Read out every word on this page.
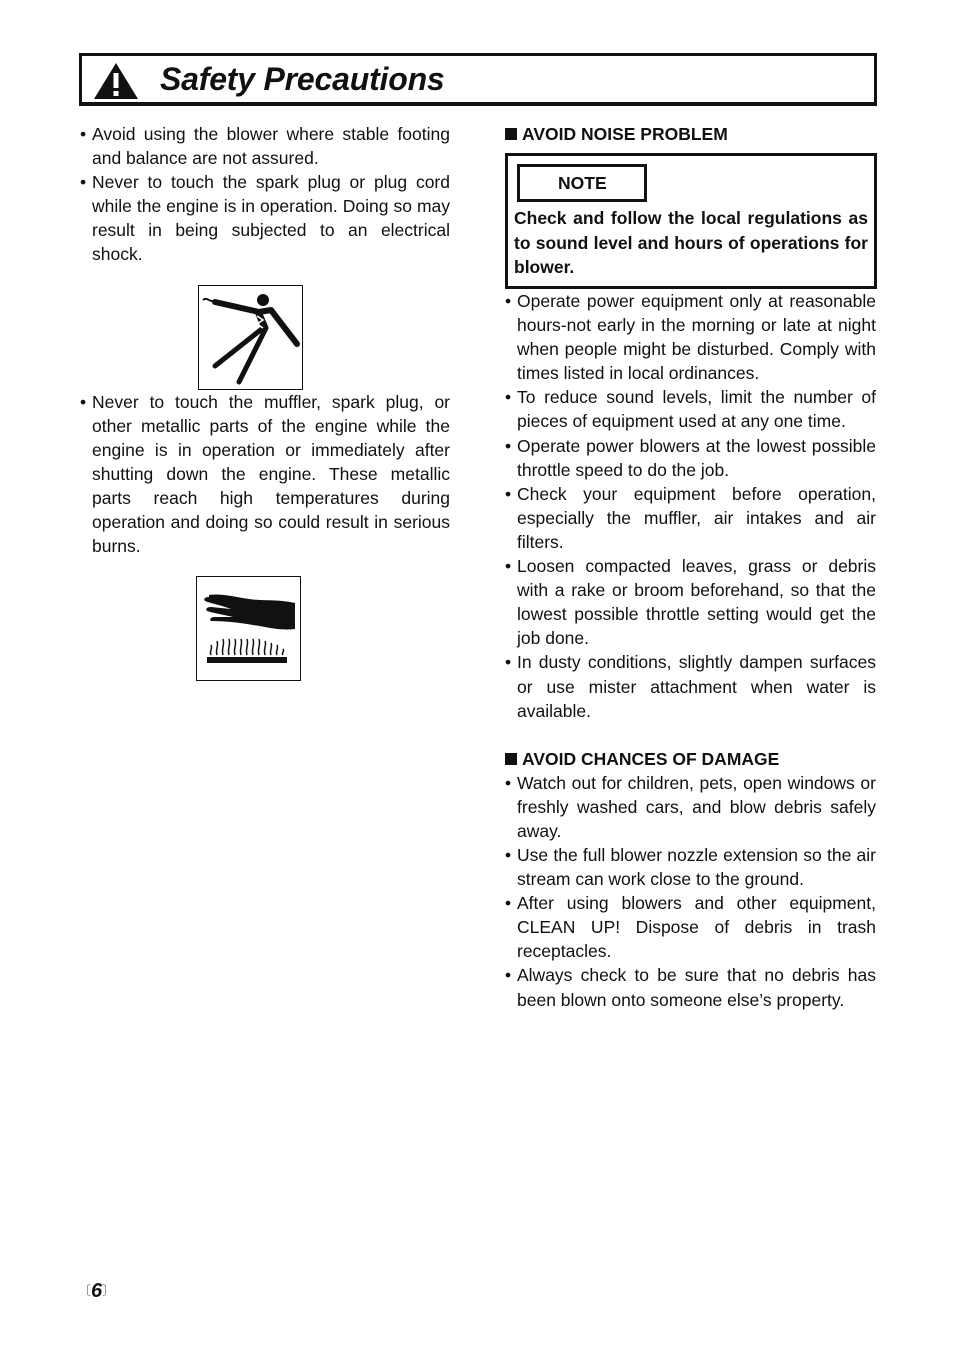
Safety Precautions
• Avoid using the blower where stable footing and balance are not assured.
• Never to touch the spark plug or plug cord while the engine is in operation. Doing so may result in being subjected to an electrical shock.
• Never to touch the muffler, spark plug, or other metallic parts of the engine while the engine is in operation or immediately after shutting down the engine. These metallic parts reach high temperatures during operation and doing so could result in serious burns.
AVOID NOISE PROBLEM
NOTE
Check and follow the local regulations as to sound level and hours of operations for blower.
• Operate power equipment only at reasonable hours-not early in the morning or late at night when people might be disturbed. Comply with times listed in local ordinances.
• To reduce sound levels, limit the number of pieces of equipment used at any one time.
• Operate power blowers at the lowest possible throttle speed to do the job.
• Check your equipment before operation, especially the muffler, air intakes and air filters.
• Loosen compacted leaves, grass or debris with a rake or broom beforehand, so that the lowest possible throttle setting would get the job done.
• In dusty conditions, slightly dampen surfaces or use mister attachment when water is available.
AVOID CHANCES OF DAMAGE
• Watch out for children, pets, open windows or freshly washed cars, and blow debris safely away.
• Use the full blower nozzle extension so the air stream can work close to the ground.
• After using blowers and other equipment, CLEAN UP! Dispose of debris in trash receptacles.
• Always check to be sure that no debris has been blown onto someone else’s property.
〔6〕
